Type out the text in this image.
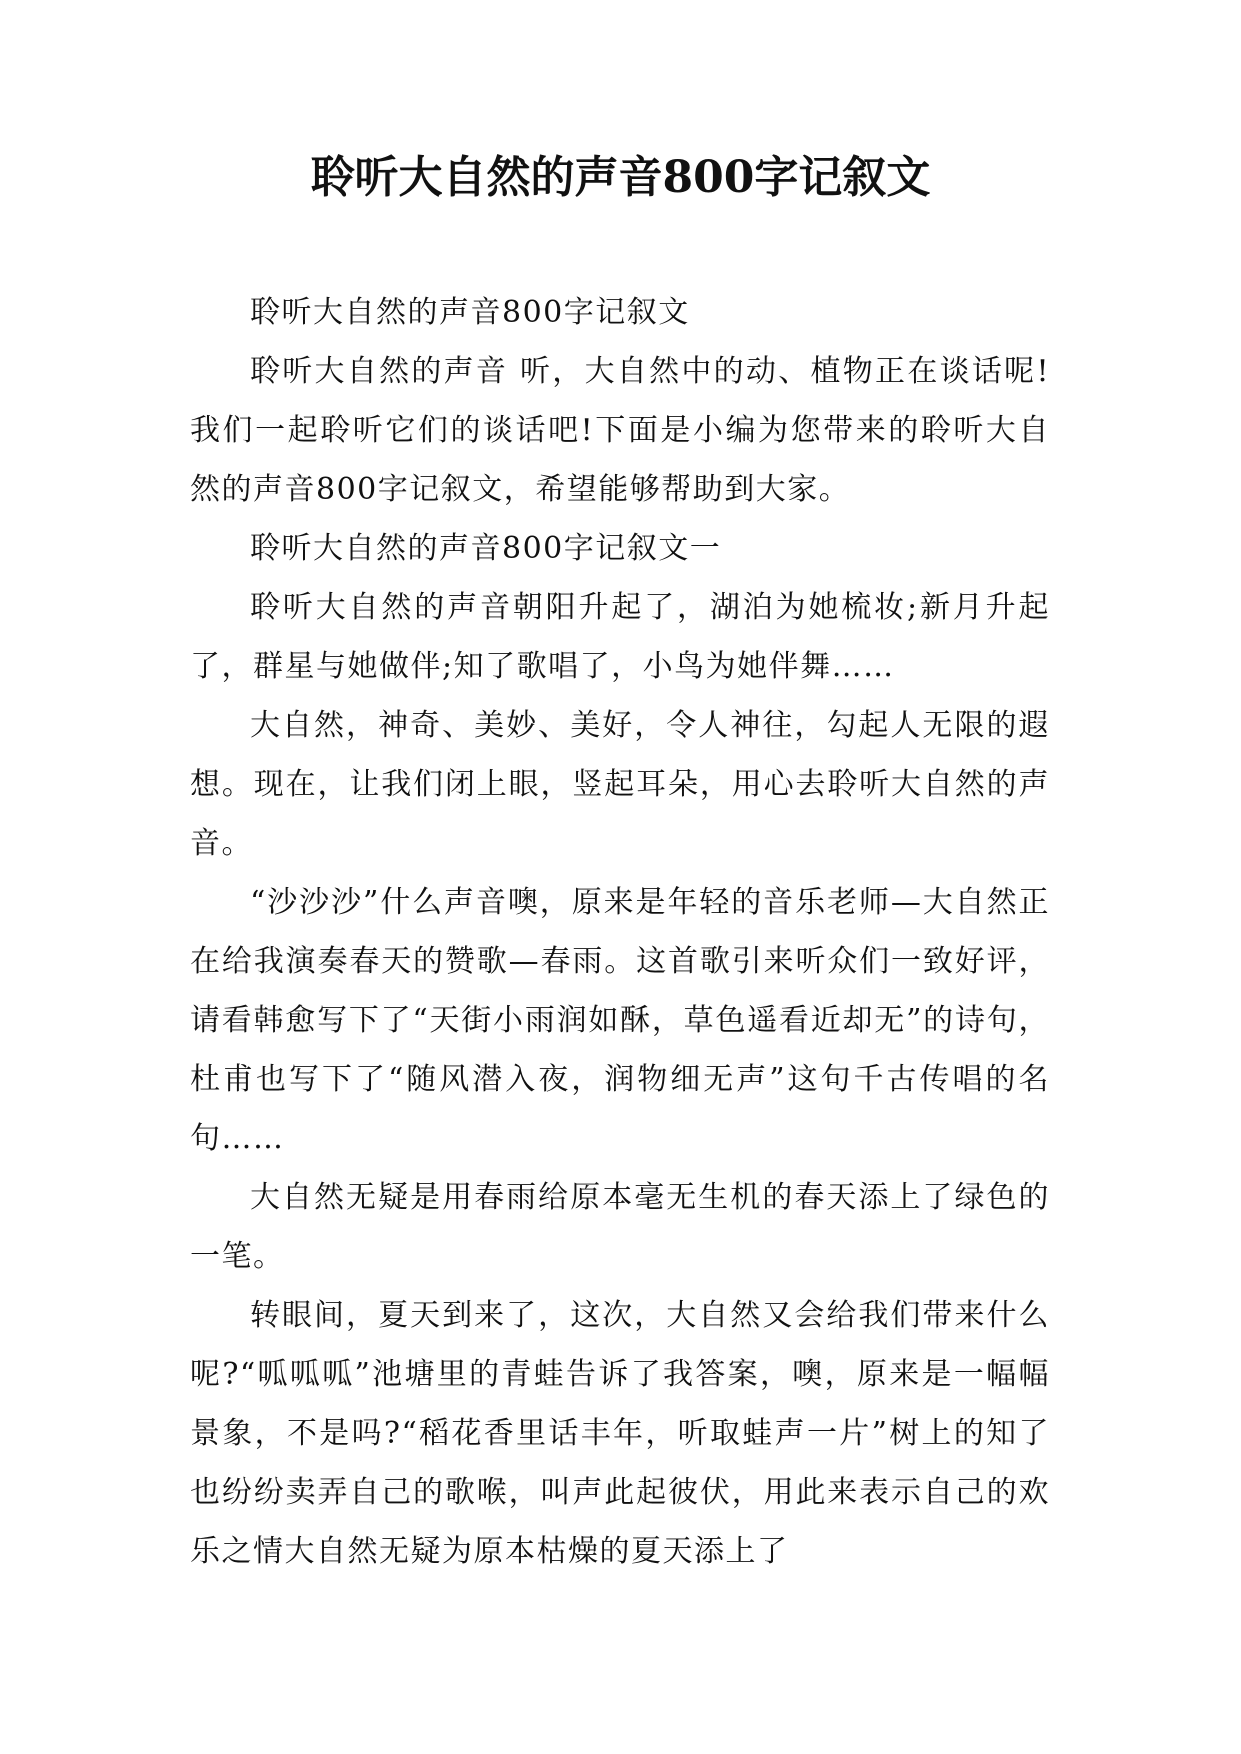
聆听大自然的声音800字记叙文

聆听大自然的声音800字记叙文

聆听大自然的声音 听，大自然中的动、植物正在谈话呢!我们一起聆听它们的谈话吧!下面是小编为您带来的聆听大自然的声音800字记叙文，希望能够帮助到大家。

聆听大自然的声音800字记叙文一

聆听大自然的声音朝阳升起了，湖泊为她梳妆;新月升起了，群星与她做伴;知了歌唱了，小鸟为她伴舞……

大自然，神奇、美妙、美好，令人神往，勾起人无限的遐想。现在，让我们闭上眼，竖起耳朵，用心去聆听大自然的声音。

“沙沙沙”什么声音噢，原来是年轻的音乐老师—大自然正在给我演奏春天的赞歌—春雨。这首歌引来听众们一致好评，请看韩愈写下了“天街小雨润如酥，草色遥看近却无”的诗句，杜甫也写下了“随风潜入夜，润物细无声”这句千古传唱的名句……

大自然无疑是用春雨给原本毫无生机的春天添上了绿色的一笔。

转眼间，夏天到来了，这次，大自然又会给我们带来什么呢?“呱呱呱”池塘里的青蛙告诉了我答案，噢，原来是一幅幅景象，不是吗?“稻花香里话丰年，听取蛙声一片”树上的知了也纷纷卖弄自己的歌喉，叫声此起彼伏，用此来表示自己的欢乐之情大自然无疑为原本枯燥的夏天添上了
